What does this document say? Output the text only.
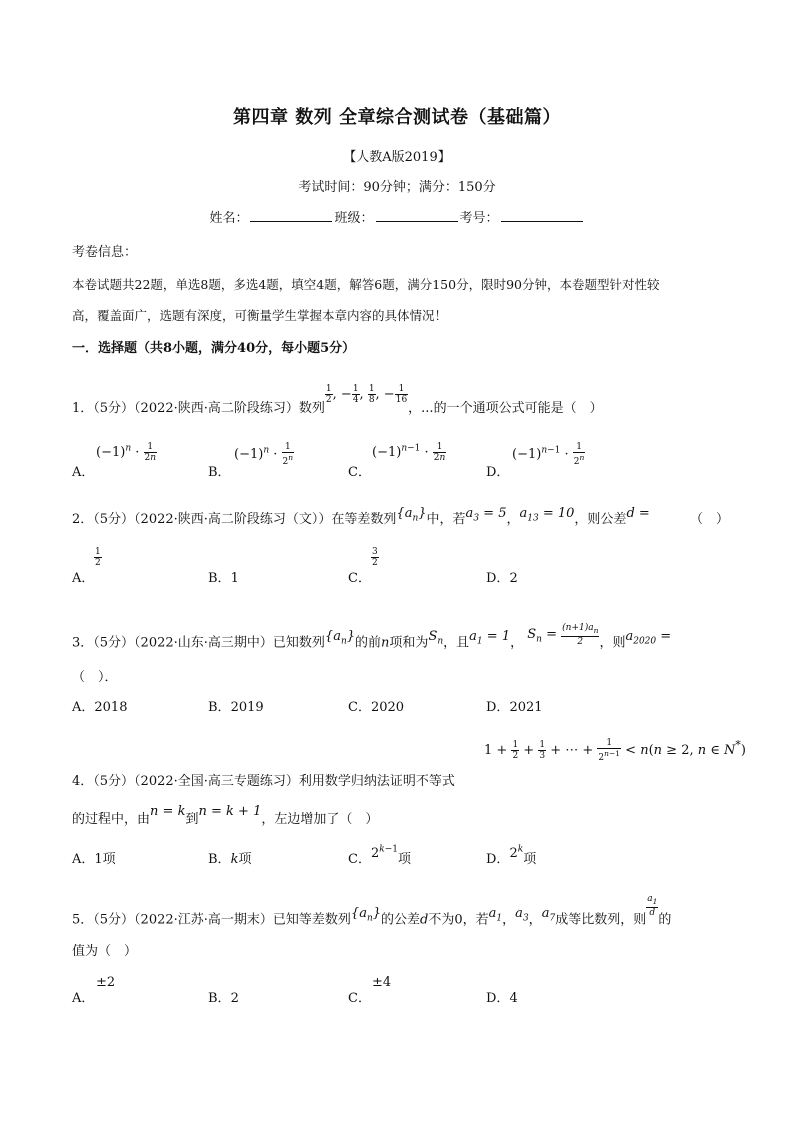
第四章 数列 全章综合测试卷（基础篇）
【人教A版2019】
考试时间：90分钟；满分：150分
姓名：	班级：	考号：
考卷信息：
本卷试题共22题，单选8题，多选4题，填空4题，解答6题，满分150分，限时90分钟，本卷题型针对性较
高，覆盖面广，选题有深度，可衡量学生掌握本章内容的具体情况！
一．选择题（共8小题，满分40分，每小题5分）
1．（5分）（2022·陕西·高二阶段练习）数列
$\frac{1}{2}$ , − $\frac{1}{4}$ , $\frac{1}{8}$ , − $\frac{1}{16}$
，...的一个通项公式可能是（　）
A．
$(-1)^n \cdot \frac{1}{2n}$
B．
$(-1)^n \cdot \frac{1}{2^n}$
C．
$(-1)^{n-1} \cdot \frac{1}{2n}$
D．
$(-1)^{n-1} \cdot \frac{1}{2^n}$
2．（5分）（2022·陕西·高二阶段练习（文））在等差数列$\{a_n\}$中，若$a_3 = 5$，$a_{13} = 10$，则公差d =	（　）
A．
$\frac{1}{2}$
B．1	C．
$\frac{3}{2}$
D．2
3．（5分）（2022·山东·高三期中）已知数列$\{a_n\}$的前n项和为$S_n$，且$a_1 = 1$， $S_n = \frac{(n+1)a_n}{2}$ ，则$a_{2020}$ =
（　）．
A．2018	B．2019	C．2020	D．2021
$1 + \frac{1}{2} + \frac{1}{3}$ + ⋯ + $\frac{1}{2^{n-1}} < n(n \ge 2$, n ∈ N*)
4．（5分）（2022·全国·高三专题练习）利用数学归纳法证明不等式
的过程中，由n = k到n = k + 1，左边增加了（　）
A．1项	B．k项	C．$2^{k-1}$项	D．2$^k$项
5．（5分）（2022·江苏·高一期末）已知等差数列$\{a_n\}$的公差d不为0，若$a_1$，$a_3$，$a_7$成等比数列，则
$\frac{a_1}{d}$
的
值为（　）
A．
±2
B．2	C．
±4
D．4
